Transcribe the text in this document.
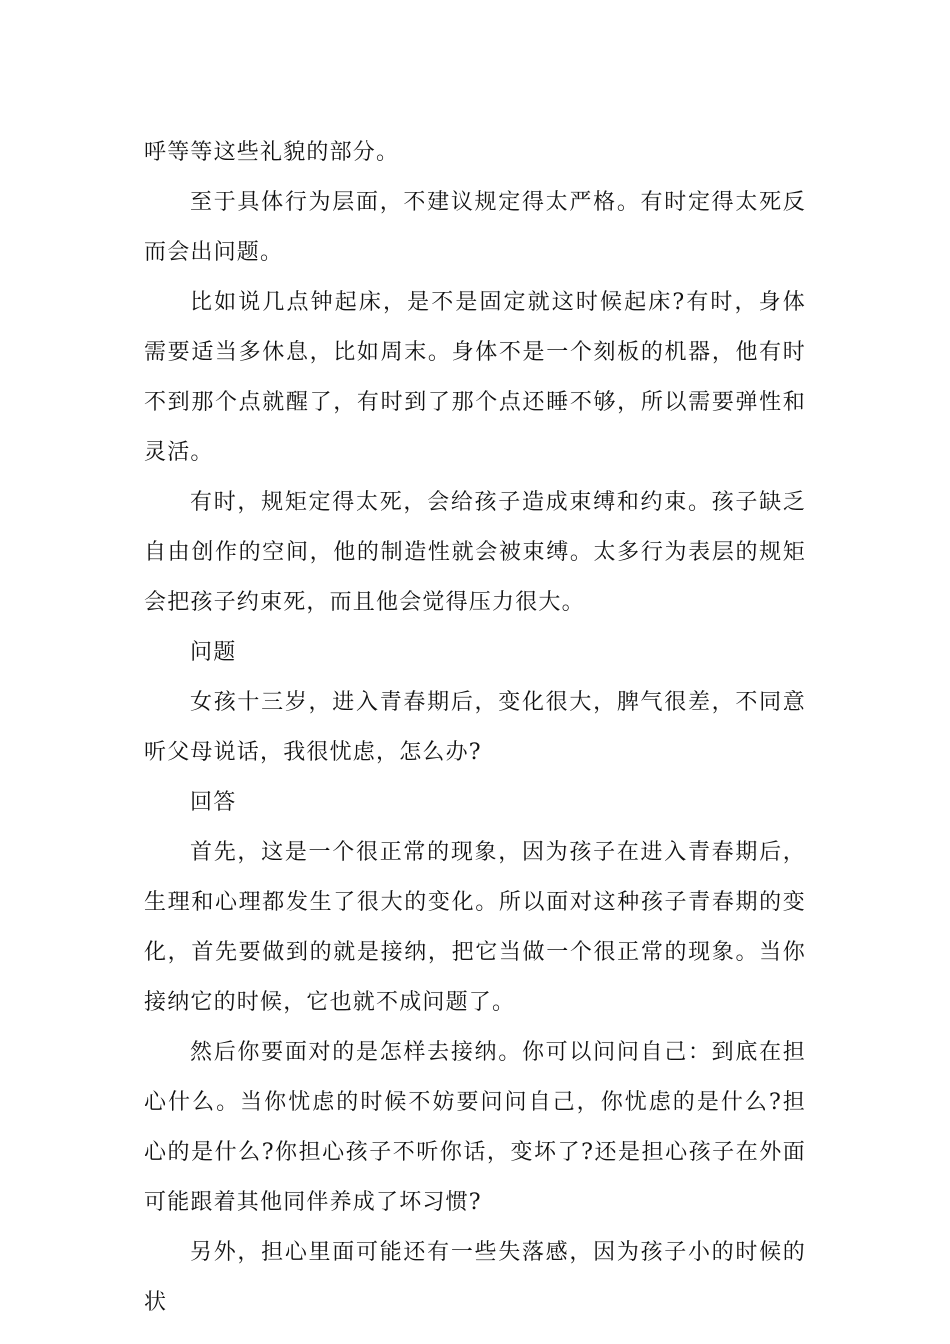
呼等等这些礼貌的部分。

至于具体行为层面，不建议规定得太严格。有时定得太死反而会出问题。

比如说几点钟起床，是不是固定就这时候起床?有时，身体需要适当多休息，比如周末。身体不是一个刻板的机器，他有时不到那个点就醒了，有时到了那个点还睡不够，所以需要弹性和灵活。

有时，规矩定得太死，会给孩子造成束缚和约束。孩子缺乏自由创作的空间，他的制造性就会被束缚。太多行为表层的规矩会把孩子约束死，而且他会觉得压力很大。

问题

女孩十三岁，进入青春期后，变化很大，脾气很差，不同意听父母说话，我很忧虑，怎么办?

回答

首先，这是一个很正常的现象，因为孩子在进入青春期后，生理和心理都发生了很大的变化。所以面对这种孩子青春期的变化，首先要做到的就是接纳，把它当做一个很正常的现象。当你接纳它的时候，它也就不成问题了。

然后你要面对的是怎样去接纳。你可以问问自己：到底在担心什么。当你忧虑的时候不妨要问问自己，你忧虑的是什么?担心的是什么?你担心孩子不听你话，变坏了?还是担心孩子在外面可能跟着其他同伴养成了坏习惯?

另外，担心里面可能还有一些失落感，因为孩子小的时候的状
